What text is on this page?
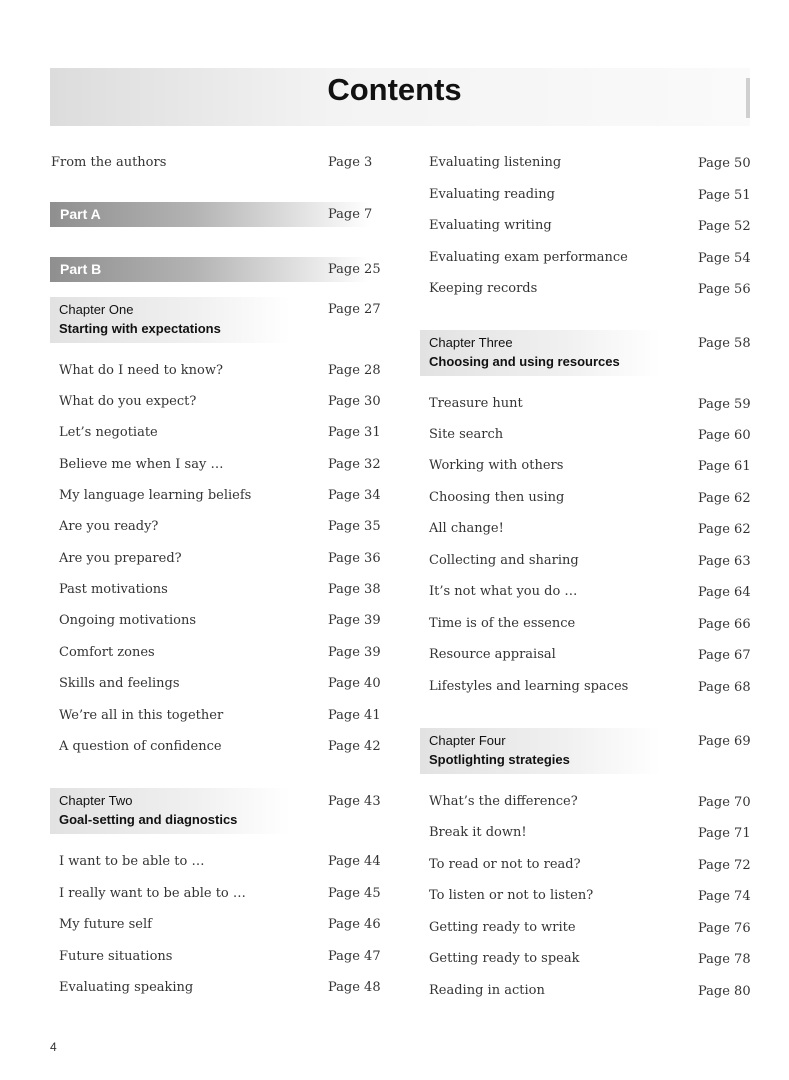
Contents
From the authors	Page 3
Part A	Page 7
Part B	Page 25
Chapter One
Starting with expectations
Page 27
What do I need to know?	Page 28
What do you expect?	Page 30
Let’s negotiate	Page 31
Believe me when I say …	Page 32
My language learning beliefs	Page 34
Are you ready?	Page 35
Are you prepared?	Page 36
Past motivations	Page 38
Ongoing motivations	Page 39
Comfort zones	Page 39
Skills and feelings	Page 40
We’re all in this together	Page 41
A question of confidence	Page 42
Chapter Two
Goal-setting and diagnostics
Page 43
I want to be able to …	Page 44
I really want to be able to …	Page 45
My future self	Page 46
Future situations	Page 47
Evaluating speaking	Page 48
Evaluating listening	Page 50
Evaluating reading	Page 51
Evaluating writing	Page 52
Evaluating exam performance	Page 54
Keeping records	Page 56
Chapter Three
Choosing and using resources
Page 58
Treasure hunt	Page 59
Site search	Page 60
Working with others	Page 61
Choosing then using	Page 62
All change!	Page 62
Collecting and sharing	Page 63
It’s not what you do …	Page 64
Time is of the essence	Page 66
Resource appraisal	Page 67
Lifestyles and learning spaces	Page 68
Chapter Four
Spotlighting strategies
Page 69
What’s the difference?	Page 70
Break it down!	Page 71
To read or not to read?	Page 72
To listen or not to listen?	Page 74
Getting ready to write	Page 76
Getting ready to speak	Page 78
Reading in action	Page 80
4
